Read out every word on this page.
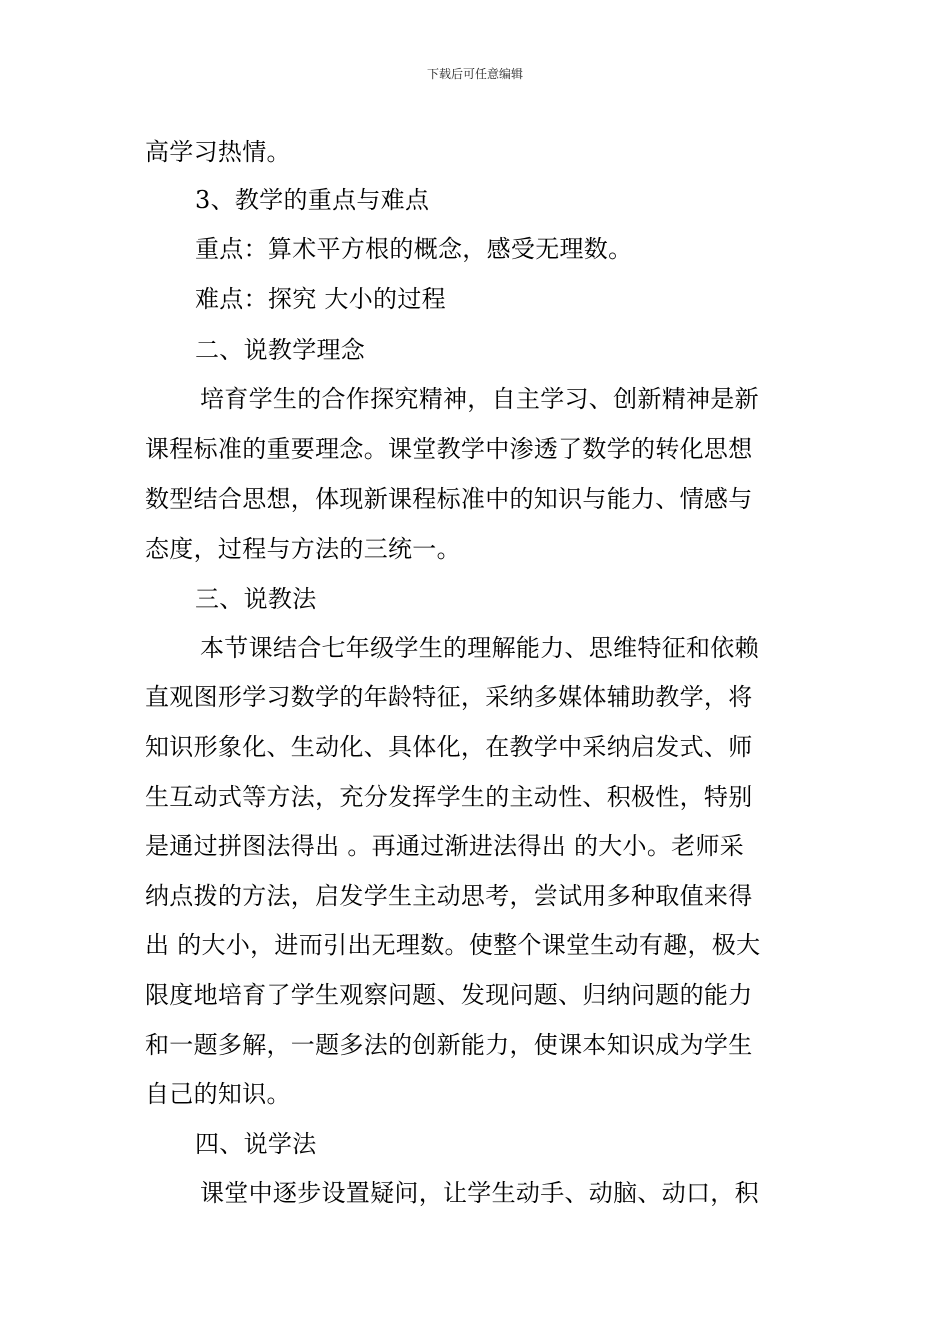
下载后可任意编辑
高学习热情。
3、教学的重点与难点
重点：算术平方根的概念，感受无理数。
难点：探究 大小的过程
二、说教学理念
培育学生的合作探究精神，自主学习、创新精神是新
课程标准的重要理念。课堂教学中渗透了数学的转化思想
数型结合思想，体现新课程标准中的知识与能力、情感与
态度，过程与方法的三统一。
三、说教法
本节课结合七年级学生的理解能力、思维特征和依赖
直观图形学习数学的年龄特征，采纳多媒体辅助教学，将
知识形象化、生动化、具体化，在教学中采纳启发式、师
生互动式等方法，充分发挥学生的主动性、积极性，特别
是通过拼图法得出 。再通过渐进法得出 的大小。老师采
纳点拨的方法，启发学生主动思考，尝试用多种取值来得
出 的大小，进而引出无理数。使整个课堂生动有趣，极大
限度地培育了学生观察问题、发现问题、归纳问题的能力
和一题多解，一题多法的创新能力，使课本知识成为学生
自己的知识。
四、说学法
课堂中逐步设置疑问，让学生动手、动脑、动口，积
